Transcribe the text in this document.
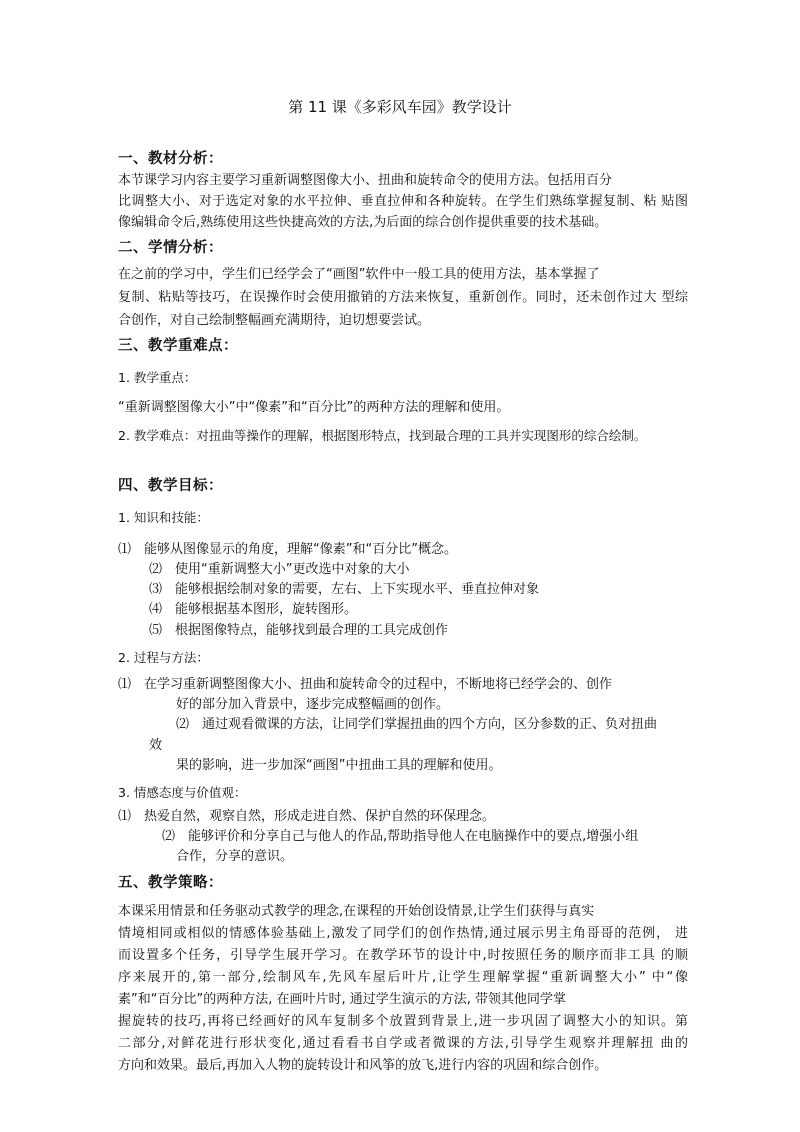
第 11 课《多彩风车园》教学设计
一、教材分析：
本节课学习内容主要学习重新调整图像大小、扭曲和旋转命令的使用方法。包括用百分
比调整大小、对于选定对象的水平拉伸、垂直拉伸和各种旋转。在学生们熟练掌握复制、粘 贴图
像编辑命令后,熟练使用这些快捷高效的方法,为后面的综合创作提供重要的技术基础。
二、学情分析：
在之前的学习中，学生们已经学会了“画图”软件中一般工具的使用方法，基本掌握了
复制、粘贴等技巧，在误操作时会使用撤销的方法来恢复，重新创作。同时，还未创作过大 型综
合创作，对自己绘制整幅画充满期待，迫切想要尝试。
三、教学重难点：
1. 教学重点：
“重新调整图像大小”中“像素”和“百分比”的两种方法的理解和使用。
2. 教学难点：对扭曲等操作的理解，根据图形特点，找到最合理的工具并实现图形的综合绘制。
四、教学目标：
1. 知识和技能：
⑴　能够从图像显示的角度，理解“像素”和“百分比”概念。
⑵　使用“重新调整大小”更改选中对象的大小
⑶　能够根据绘制对象的需要，左右、上下实现水平、垂直拉伸对象
⑷　能够根据基本图形，旋转图形。
⑸　根据图像特点，能够找到最合理的工具完成创作
2. 过程与方法：
⑴　在学习重新调整图像大小、扭曲和旋转命令的过程中，不断地将已经学会的、创作
好的部分加入背景中，逐步完成整幅画的创作。
⑵　通过观看微课的方法，让同学们掌握扭曲的四个方向，区分参数的正、负对扭曲
效
果的影响，进一步加深“画图”中扭曲工具的理解和使用。
3. 情感态度与价值观：
⑴　热爱自然，观察自然，形成走进自然、保护自然的环保理念。
⑵　能够评价和分享自己与他人的作品,帮助指导他人在电脑操作中的要点,增强小组
合作，分享的意识。
五、教学策略：
本课采用情景和任务驱动式教学的理念,在课程的开始创设情景,让学生们获得与真实
情境相同或相似的情感体验基础上,激发了同学们的创作热情,通过展示男主角哥哥的范例， 进
而设置多个任务，引导学生展开学习。在教学环节的设计中,时按照任务的顺序而非工具 的顺
序来展开的,第一部分,绘制风车,先风车屋后叶片,让学生理解掌握“重新调整大小” 中“像
素”和“百分比”的两种方法, 在画叶片时, 通过学生演示的方法, 带领其他同学掌
握旋转的技巧,再将已经画好的风车复制多个放置到背景上,进一步巩固了调整大小的知识。第
二部分,对鲜花进行形状变化,通过看看书自学或者微课的方法,引导学生观察并理解扭 曲的
方向和效果。最后,再加入人物的旋转设计和风筝的放飞,进行内容的巩固和综合创作。
